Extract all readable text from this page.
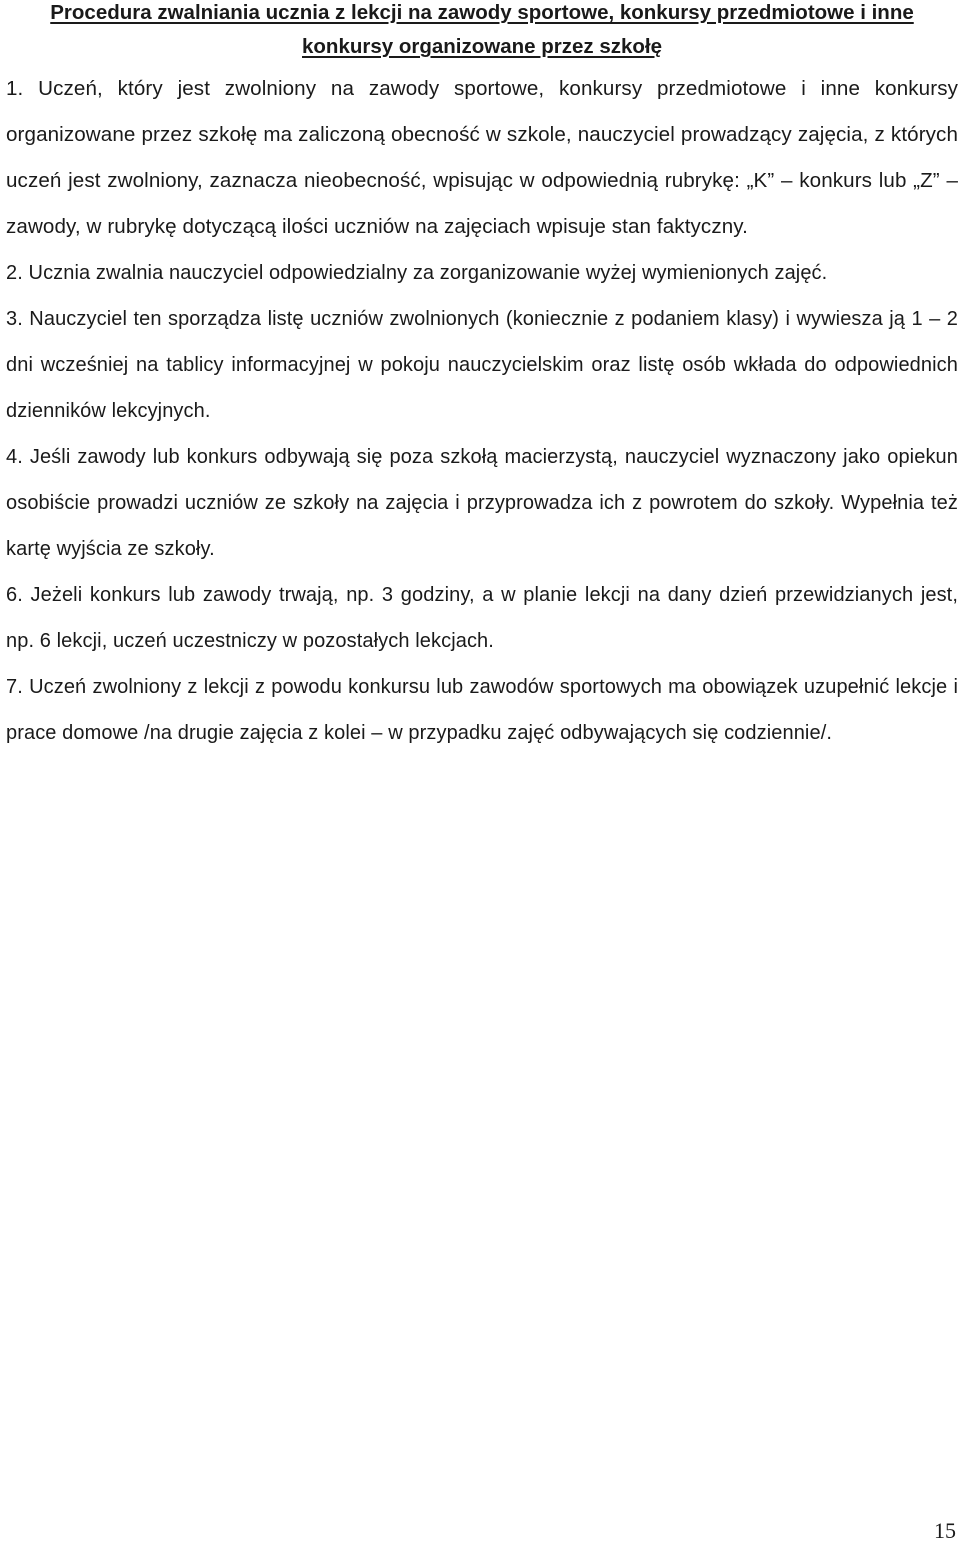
Procedura zwalniania ucznia z lekcji na zawody sportowe, konkursy przedmiotowe i inne
konkursy organizowane przez szkołę

1. Uczeń, który jest zwolniony na zawody sportowe, konkursy przedmiotowe i inne konkursy organizowane przez szkołę ma zaliczoną obecność w szkole, nauczyciel prowadzący zajęcia, z których uczeń jest zwolniony, zaznacza nieobecność, wpisując w odpowiednią rubrykę: „K” – konkurs lub „Z” – zawody, w rubrykę dotyczącą ilości uczniów na zajęciach wpisuje stan faktyczny.

2. Ucznia zwalnia nauczyciel odpowiedzialny za zorganizowanie wyżej wymienionych zajęć.

3. Nauczyciel ten sporządza listę uczniów zwolnionych (koniecznie z podaniem klasy) i wywiesza ją 1 – 2 dni wcześniej na tablicy informacyjnej w pokoju nauczycielskim oraz listę osób wkłada do odpowiednich dzienników lekcyjnych.

4. Jeśli zawody lub konkurs odbywają się poza szkołą macierzystą, nauczyciel wyznaczony jako opiekun osobiście prowadzi uczniów ze szkoły na zajęcia i przyprowadza ich z powrotem do szkoły. Wypełnia też kartę wyjścia ze szkoły.

6. Jeżeli konkurs lub zawody trwają, np. 3 godziny, a w planie lekcji na dany dzień przewidzianych jest, np. 6 lekcji, uczeń uczestniczy w pozostałych lekcjach.

7. Uczeń zwolniony z lekcji z powodu konkursu lub zawodów sportowych ma obowiązek uzupełnić lekcje i prace domowe /na drugie zajęcia z kolei – w przypadku zajęć odbywających się codziennie/.

15
